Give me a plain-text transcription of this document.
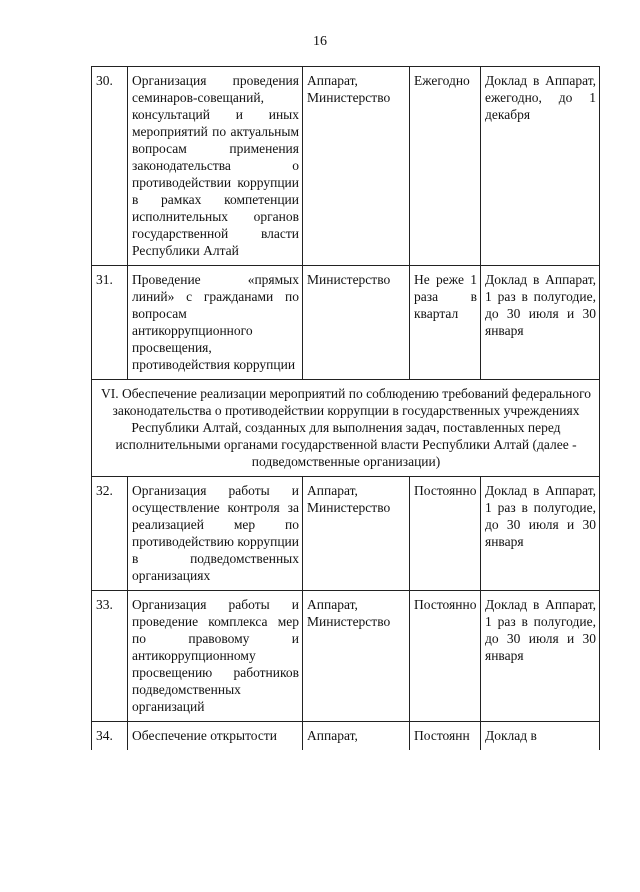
16
30.	Организация проведения семинаров-совещаний, консультаций и иных мероприятий по актуальным вопросам применения законодательства о противодействии коррупции в рамках компетенции исполнительных органов государственной власти Республики Алтай	Аппарат, Министерство	Ежегодно	Доклад в Аппарат, ежегодно, до 1 декабря
31.	Проведение «прямых линий» с гражданами по вопросам антикоррупционного просвещения, противодействия коррупции	Министерство	Не реже 1 раза в квартал	Доклад в Аппарат, 1 раз в полугодие, до 30 июля и 30 января
VI. Обеспечение реализации мероприятий по соблюдению требований федерального законодательства о противодействии коррупции в государственных учреждениях Республики Алтай, созданных для выполнения задач, поставленных перед исполнительными органами государственной власти Республики Алтай (далее - подведомственные организации)				
32.	Организация работы и осуществление контроля за реализацией мер по противодействию коррупции в подведомственных организациях	Аппарат, Министерство	Постоянно	Доклад в Аппарат, 1 раз в полугодие, до 30 июля и 30 января
33.	Организация работы и проведение комплекса мер по правовому и антикоррупционному просвещению работников подведомственных организаций	Аппарат, Министерство	Постоянно	Доклад в Аппарат, 1 раз в полугодие, до 30 июля и 30 января
34.	Обеспечение открытости	Аппарат,	Постоянн	Доклад в
